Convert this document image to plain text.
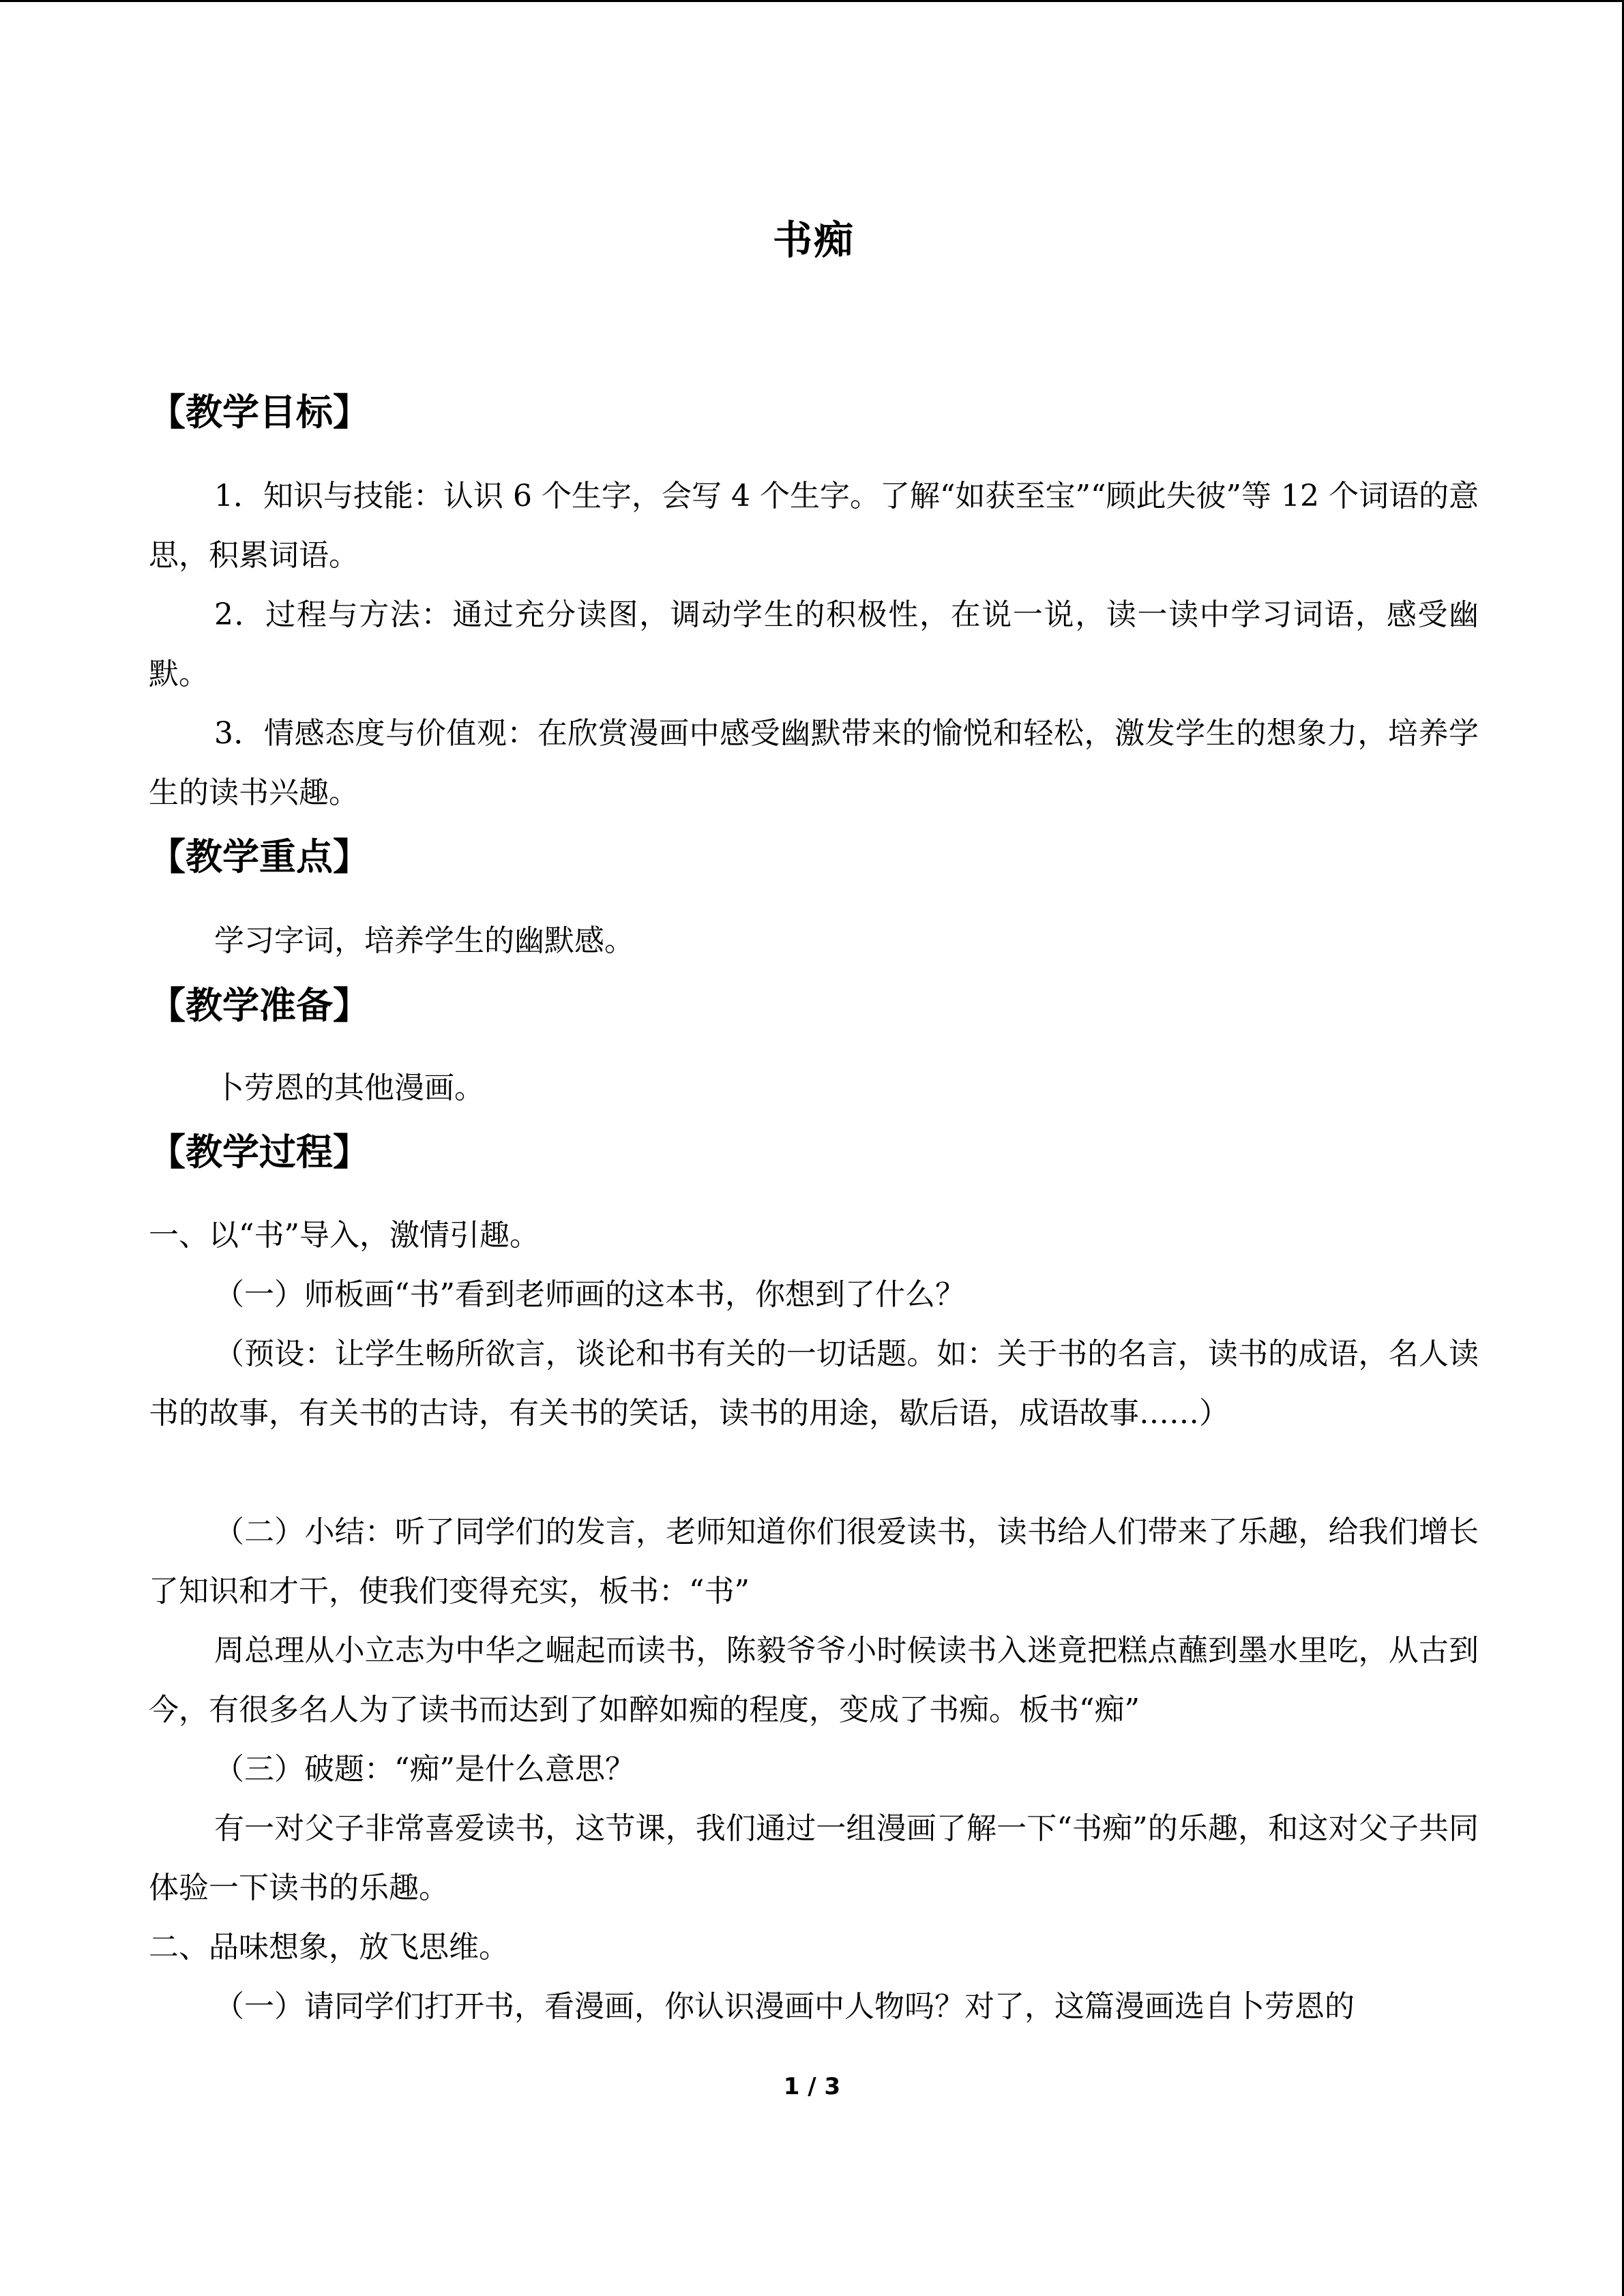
书痴
【教学目标】

1．知识与技能：认识 6 个生字，会写 4 个生字。了解“如获至宝”“顾此失彼”等 12 个词语的意思，积累词语。

2．过程与方法：通过充分读图，调动学生的积极性，在说一说，读一读中学习词语，感受幽默。

3．情感态度与价值观：在欣赏漫画中感受幽默带来的愉悦和轻松，激发学生的想象力，培养学生的读书兴趣。

【教学重点】

学习字词，培养学生的幽默感。

【教学准备】

卜劳恩的其他漫画。

【教学过程】

一、以“书”导入，激情引趣。

（一）师板画“书”看到老师画的这本书，你想到了什么？

（预设：让学生畅所欲言，谈论和书有关的一切话题。如：关于书的名言，读书的成语，名人读书的故事，有关书的古诗，有关书的笑话，读书的用途，歇后语，成语故事……）

（二）小结：听了同学们的发言，老师知道你们很爱读书，读书给人们带来了乐趣，给我们增长了知识和才干，使我们变得充实，板书：“书”

周总理从小立志为中华之崛起而读书，陈毅爷爷小时候读书入迷竟把糕点蘸到墨水里吃，从古到今，有很多名人为了读书而达到了如醉如痴的程度，变成了书痴。板书“痴”

（三）破题：“痴”是什么意思？

有一对父子非常喜爱读书，这节课，我们通过一组漫画了解一下“书痴”的乐趣，和这对父子共同体验一下读书的乐趣。

二、品味想象，放飞思维。

（一）请同学们打开书，看漫画，你认识漫画中人物吗？对了，这篇漫画选自卜劳恩的

1 / 3
